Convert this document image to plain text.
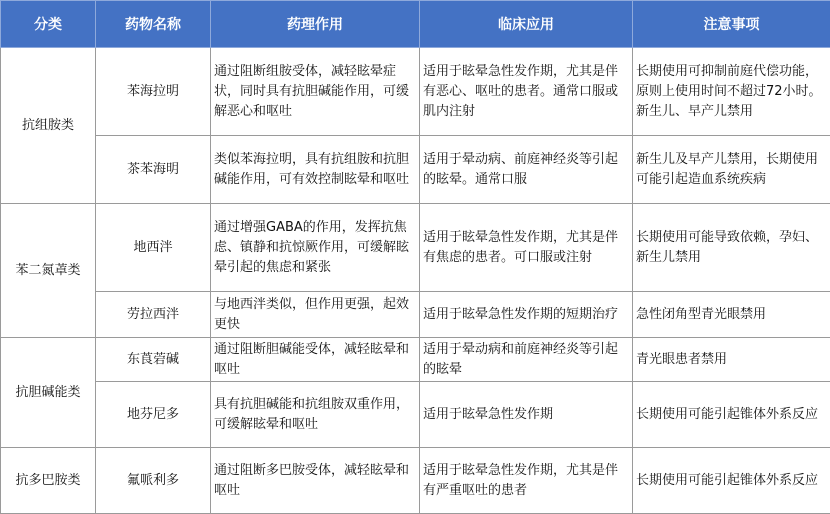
分类	药物名称	药理作用	临床应用	注意事项
抗组胺类	苯海拉明	通过阻断组胺受体，减轻眩晕症状，同时具有抗胆碱能作用，可缓解恶心和呕吐	适用于眩晕急性发作期，尤其是伴有恶心、呕吐的患者。通常口服或肌内注射	长期使用可抑制前庭代偿功能，原则上使用时间不超过72小时。新生儿、早产儿禁用
	茶苯海明	类似苯海拉明，具有抗组胺和抗胆碱能作用，可有效控制眩晕和呕吐	适用于晕动病、前庭神经炎等引起的眩晕。通常口服	新生儿及早产儿禁用，长期使用可能引起造血系统疾病
苯二氮䓬类	地西泮	通过增强GABA的作用，发挥抗焦虑、镇静和抗惊厥作用，可缓解眩晕引起的焦虑和紧张	适用于眩晕急性发作期，尤其是伴有焦虑的患者。可口服或注射	长期使用可能导致依赖，孕妇、新生儿禁用
	劳拉西泮	与地西泮类似，但作用更强，起效更快	适用于眩晕急性发作期的短期治疗	急性闭角型青光眼禁用
抗胆碱能类	东莨菪碱	通过阻断胆碱能受体，减轻眩晕和呕吐	适用于晕动病和前庭神经炎等引起的眩晕	青光眼患者禁用
	地芬尼多	具有抗胆碱能和抗组胺双重作用，可缓解眩晕和呕吐	适用于眩晕急性发作期	长期使用可能引起锥体外系反应
抗多巴胺类	氟哌利多	通过阻断多巴胺受体，减轻眩晕和呕吐	适用于眩晕急性发作期，尤其是伴有严重呕吐的患者	长期使用可能引起锥体外系反应
